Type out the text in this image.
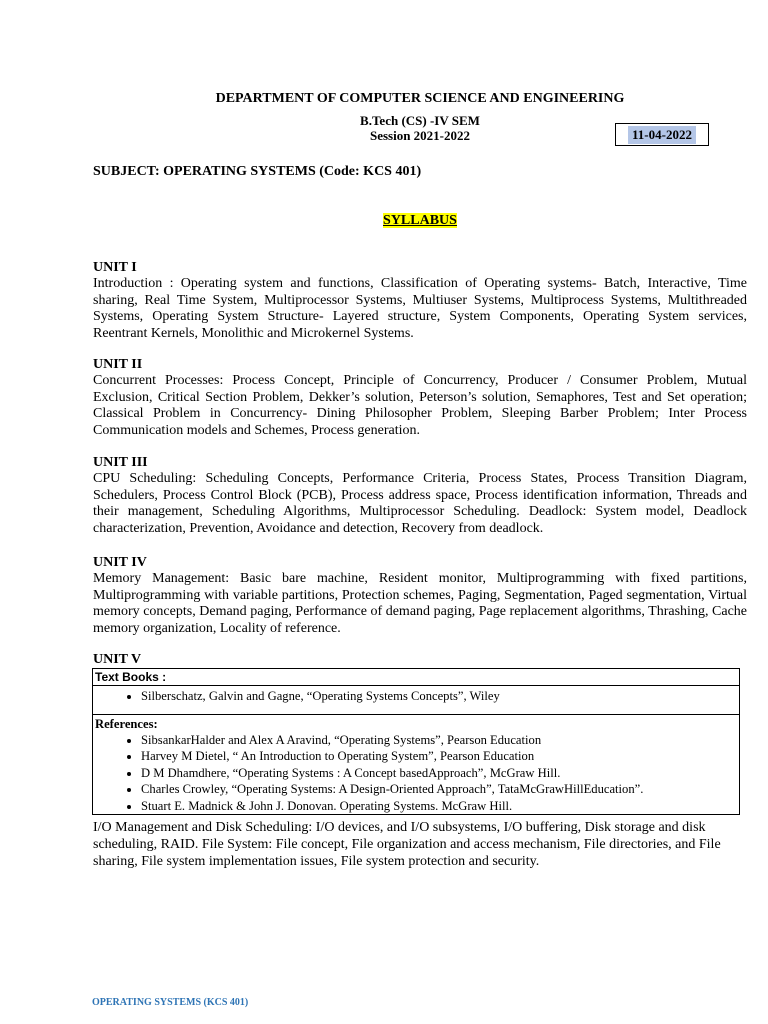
DEPARTMENT OF COMPUTER SCIENCE AND ENGINEERING
B.Tech (CS) -IV SEM
Session 2021-2022	11-04-2022
SUBJECT: OPERATING SYSTEMS (Code: KCS 401)
SYLLABUS
UNIT I
Introduction : Operating system and functions, Classification of Operating systems- Batch, Interactive, Time sharing, Real Time System, Multiprocessor Systems, Multiuser Systems, Multiprocess Systems, Multithreaded Systems, Operating System Structure- Layered structure, System Components, Operating System services, Reentrant Kernels, Monolithic and Microkernel Systems.
UNIT II
Concurrent Processes: Process Concept, Principle of Concurrency, Producer / Consumer Problem, Mutual Exclusion, Critical Section Problem, Dekker’s solution, Peterson’s solution, Semaphores, Test and Set operation; Classical Problem in Concurrency- Dining Philosopher Problem, Sleeping Barber Problem; Inter Process Communication models and Schemes, Process generation.
UNIT III
CPU Scheduling: Scheduling Concepts, Performance Criteria, Process States, Process Transition Diagram, Schedulers, Process Control Block (PCB), Process address space, Process identification information, Threads and their management, Scheduling Algorithms, Multiprocessor Scheduling. Deadlock: System model, Deadlock characterization, Prevention, Avoidance and detection, Recovery from deadlock.
UNIT IV
Memory Management: Basic bare machine, Resident monitor, Multiprogramming with fixed partitions, Multiprogramming with variable partitions, Protection schemes, Paging, Segmentation, Paged segmentation, Virtual memory concepts, Demand paging, Performance of demand paging, Page replacement algorithms, Thrashing, Cache memory organization, Locality of reference.
UNIT V
Text Books :
• Silberschatz, Galvin and Gagne, “Operating Systems Concepts”, Wiley
References:
• SibsankarHalder and Alex A Aravind, “Operating Systems”, Pearson Education
• Harvey M Dietel, “ An Introduction to Operating System”, Pearson Education
• D M Dhamdhere, “Operating Systems : A Concept basedApproach”, McGraw Hill.
• Charles Crowley, “Operating Systems: A Design-Oriented Approach”, TataMcGrawHillEducation”.
• Stuart E. Madnick & John J. Donovan. Operating Systems. McGraw Hill.
I/O Management and Disk Scheduling: I/O devices, and I/O subsystems, I/O buffering, Disk storage and disk scheduling, RAID. File System: File concept, File organization and access mechanism, File directories, and File sharing, File system implementation issues, File system protection and security.
OPERATING SYSTEMS (KCS 401)
